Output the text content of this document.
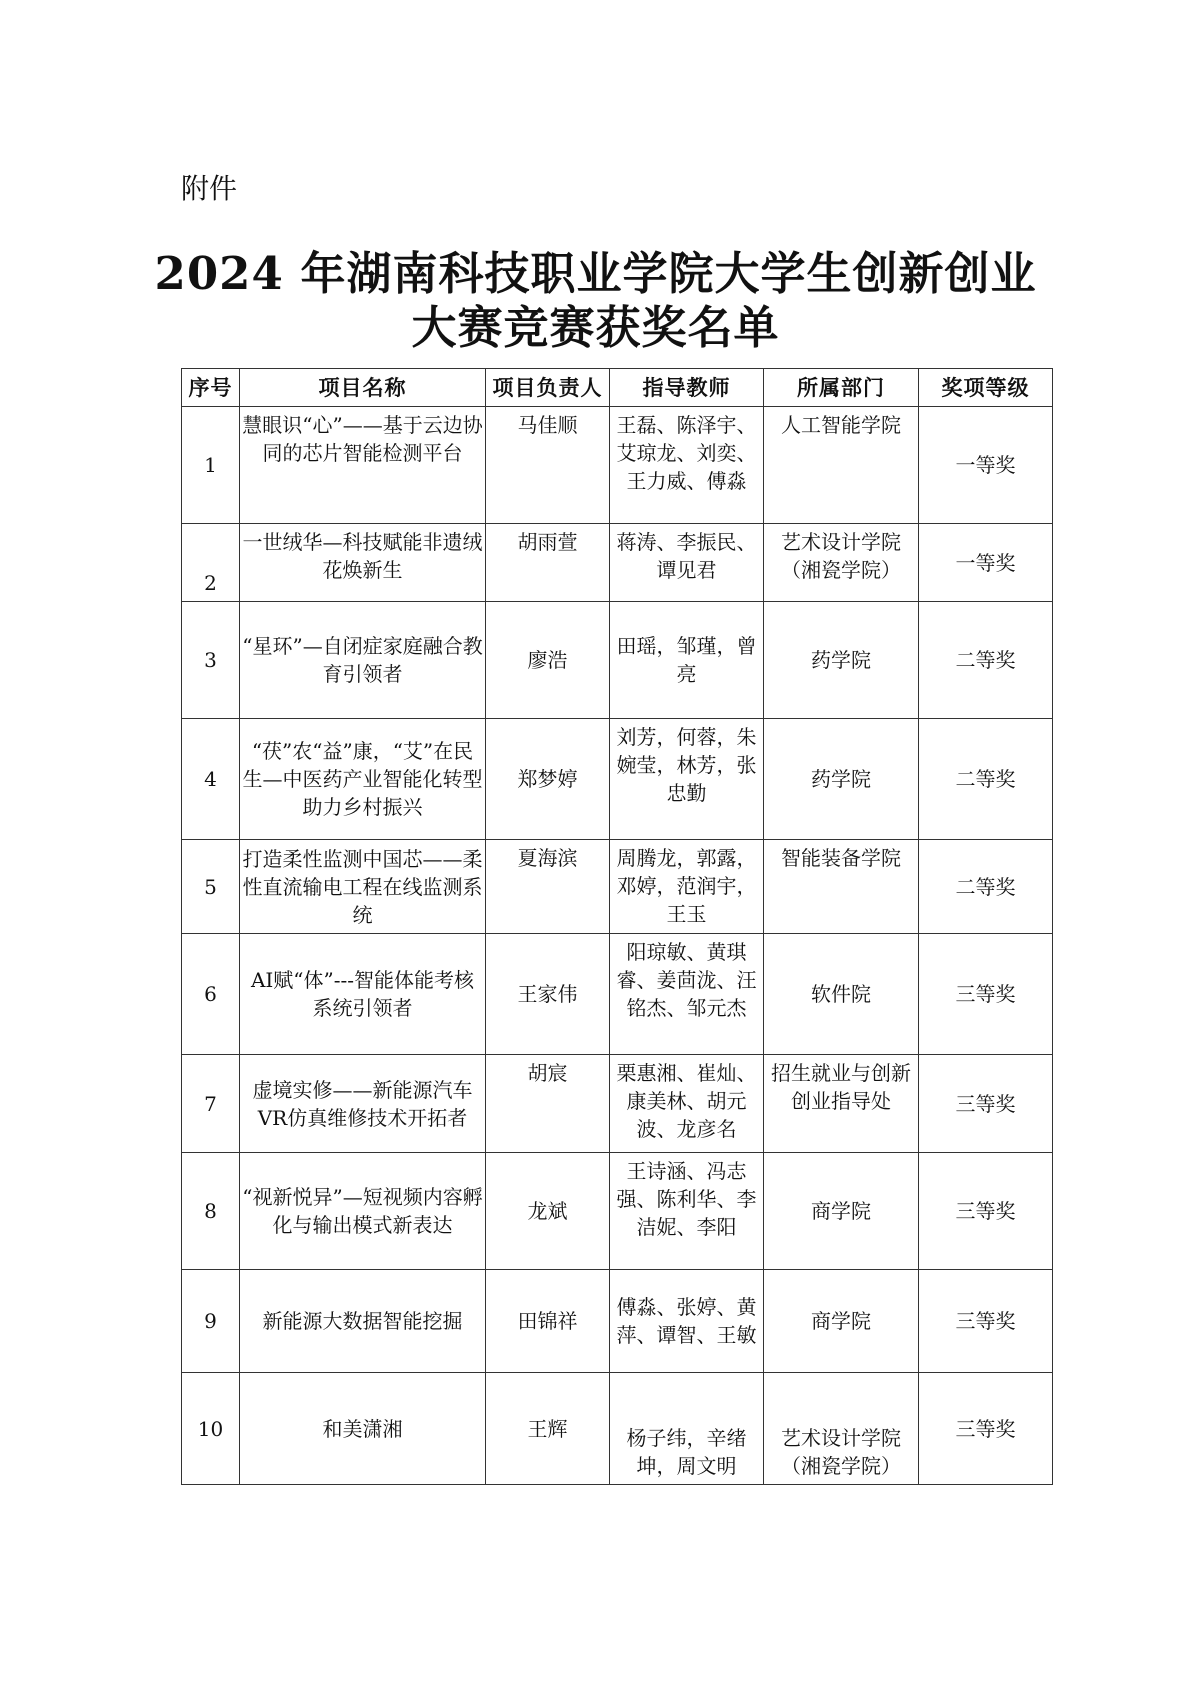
附件
2024 年湖南科技职业学院大学生创新创业
大赛竞赛获奖名单
序号	项目名称	项目负责人	指导教师	所属部门	奖项等级
1	慧眼识“心”——基于云边协同的芯片智能检测平台	马佳顺	王磊、陈泽宇、艾琼龙、刘奕、王力威、傅淼	人工智能学院	一等奖
2	一世绒华—科技赋能非遗绒花焕新生	胡雨萱	蒋涛、李振民、谭见君	艺术设计学院（湘瓷学院）	一等奖
3	“星环”—自闭症家庭融合教育引领者	廖浩	田瑶，邹瑾，曾亮	药学院	二等奖
4	“茯”农“益”康，“艾”在民生—中医药产业智能化转型助力乡村振兴	郑梦婷	刘芳，何蓉，朱婉莹，林芳，张忠勤	药学院	二等奖
5	打造柔性监测中国芯——柔性直流输电工程在线监测系统	夏海滨	周腾龙，郭露，邓婷，范润宇，王玉	智能装备学院	二等奖
6	AI赋“体”---智能体能考核系统引领者	王家伟	阳琼敏、黄琪睿、姜茴泷、汪铭杰、邹元杰	软件院	三等奖
7	虚境实修——新能源汽车VR仿真维修技术开拓者	胡宸	栗惠湘、崔灿、康美林、胡元波、龙彦名	招生就业与创新创业指导处	三等奖
8	“视新悦异”—短视频内容孵化与输出模式新表达	龙斌	王诗涵、冯志强、陈利华、李洁妮、李阳	商学院	三等奖
9	新能源大数据智能挖掘	田锦祥	傅淼、张婷、黄萍、谭智、王敏	商学院	三等奖
10	和美潇湘	王辉	杨子纬，辛绪坤，周文明	艺术设计学院（湘瓷学院）	三等奖
